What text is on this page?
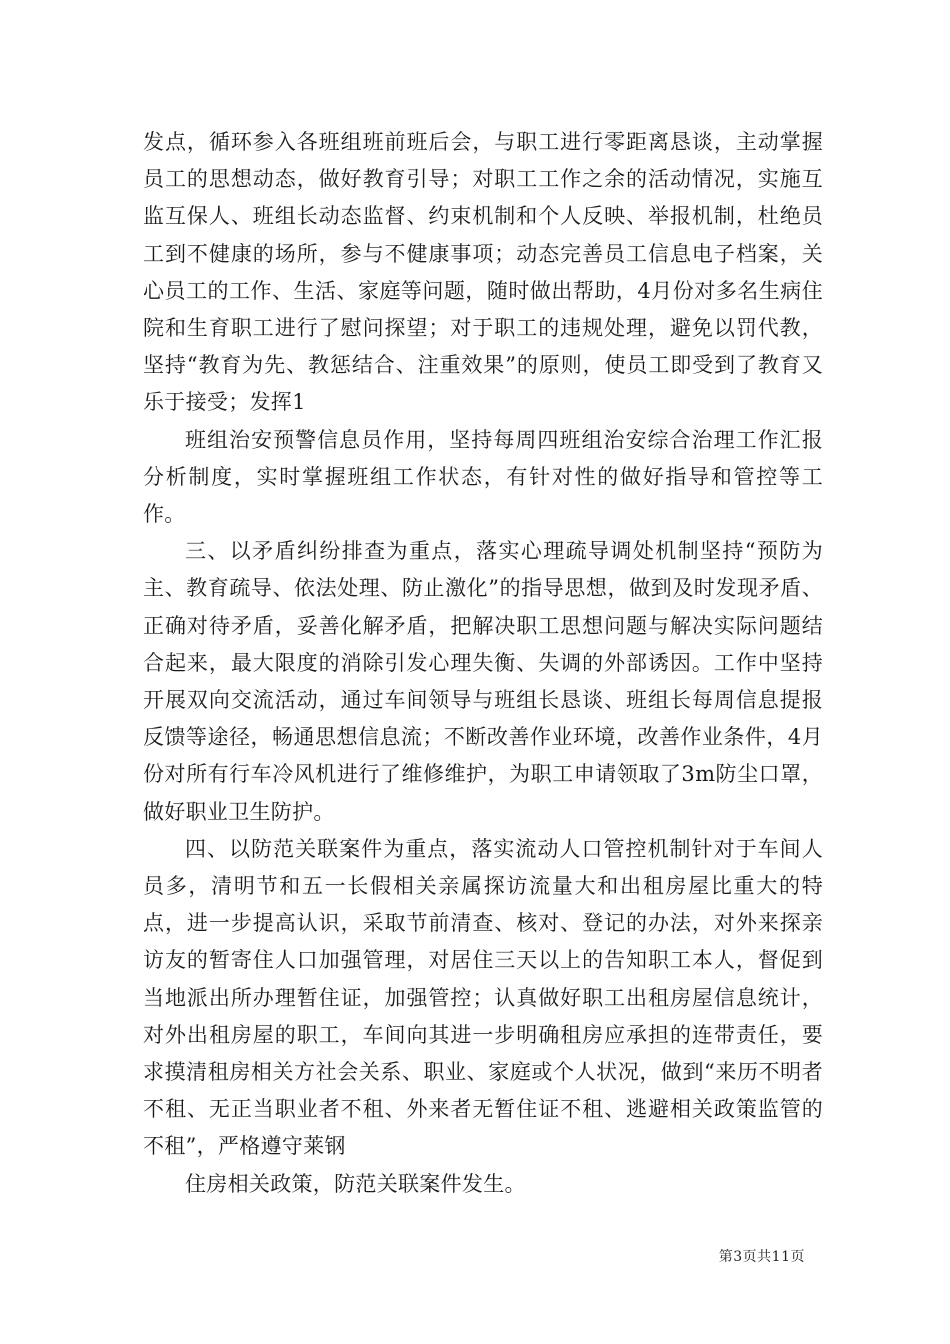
发点，循环参入各班组班前班后会，与职工进行零距离恳谈，主动掌握员工的思想动态，做好教育引导；对职工工作之余的活动情况，实施互监互保人、班组长动态监督、约束机制和个人反映、举报机制，杜绝员工到不健康的场所，参与不健康事项；动态完善员工信息电子档案，关心员工的工作、生活、家庭等问题，随时做出帮助，4月份对多名生病住院和生育职工进行了慰问探望；对于职工的违规处理，避免以罚代教，坚持“教育为先、教惩结合、注重效果”的原则，使员工即受到了教育又乐于接受；发挥1

班组治安预警信息员作用，坚持每周四班组治安综合治理工作汇报分析制度，实时掌握班组工作状态，有针对性的做好指导和管控等工作。

三、以矛盾纠纷排查为重点，落实心理疏导调处机制坚持“预防为主、教育疏导、依法处理、防止激化”的指导思想，做到及时发现矛盾、正确对待矛盾，妥善化解矛盾，把解决职工思想问题与解决实际问题结合起来，最大限度的消除引发心理失衡、失调的外部诱因。工作中坚持开展双向交流活动，通过车间领导与班组长恳谈、班组长每周信息提报反馈等途径，畅通思想信息流；不断改善作业环境，改善作业条件，4月份对所有行车冷风机进行了维修维护，为职工申请领取了3m防尘口罩，做好职业卫生防护。

四、以防范关联案件为重点，落实流动人口管控机制针对于车间人员多，清明节和五一长假相关亲属探访流量大和出租房屋比重大的特点，进一步提高认识，采取节前清查、核对、登记的办法，对外来探亲访友的暂寄住人口加强管理，对居住三天以上的告知职工本人，督促到当地派出所办理暂住证，加强管控；认真做好职工出租房屋信息统计，对外出租房屋的职工，车间向其进一步明确租房应承担的连带责任，要求摸清租房相关方社会关系、职业、家庭或个人状况，做到“来历不明者不租、无正当职业者不租、外来者无暂住证不租、逃避相关政策监管的不租”，严格遵守莱钢

住房相关政策，防范关联案件发生。

第3页共11页
